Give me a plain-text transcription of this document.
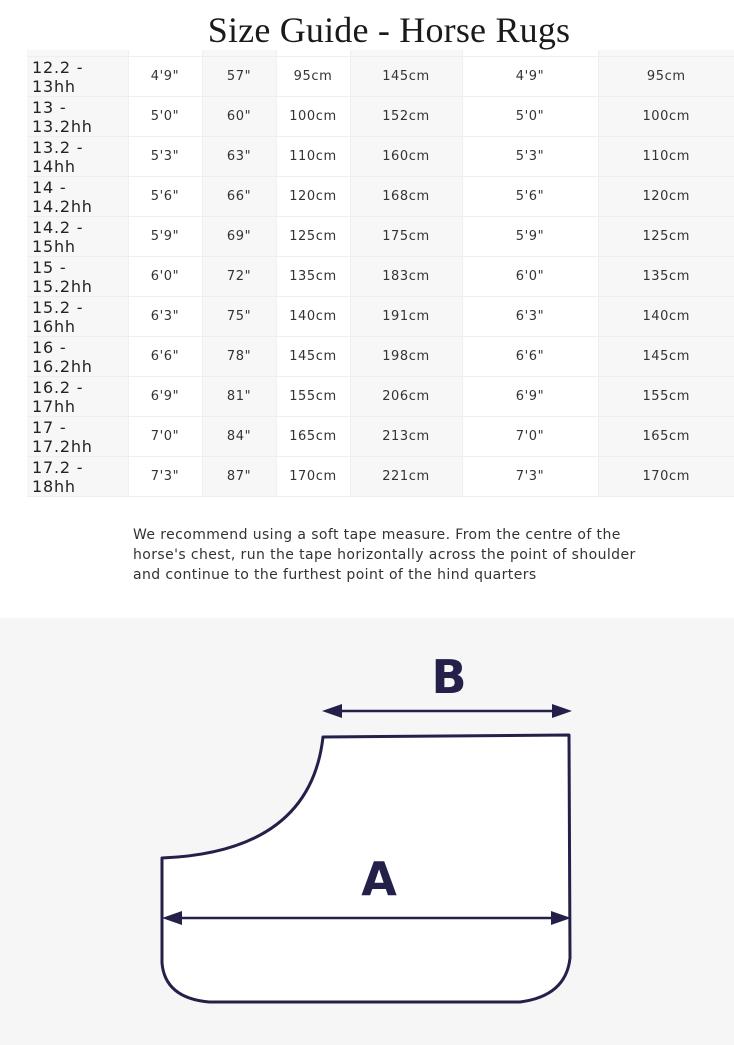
Size Guide - Horse Rugs

12.2 - 13hh	4'9"	57"	95cm	145cm	4'9"	95cm
13 - 13.2hh	5'0"	60"	100cm	152cm	5'0"	100cm
13.2 - 14hh	5'3"	63"	110cm	160cm	5'3"	110cm
14 - 14.2hh	5'6"	66"	120cm	168cm	5'6"	120cm
14.2 - 15hh	5'9"	69"	125cm	175cm	5'9"	125cm
15 - 15.2hh	6'0"	72"	135cm	183cm	6'0"	135cm
15.2 - 16hh	6'3"	75"	140cm	191cm	6'3"	140cm
16 - 16.2hh	6'6"	78"	145cm	198cm	6'6"	145cm
16.2 - 17hh	6'9"	81"	155cm	206cm	6'9"	155cm
17 - 17.2hh	7'0"	84"	165cm	213cm	7'0"	165cm
17.2 - 18hh	7'3"	87"	170cm	221cm	7'3"	170cm
We recommend using a soft tape measure. From the centre of the horse's chest, run the tape horizontally across the point of shoulder and continue to the furthest point of the hind quarters
B
A
